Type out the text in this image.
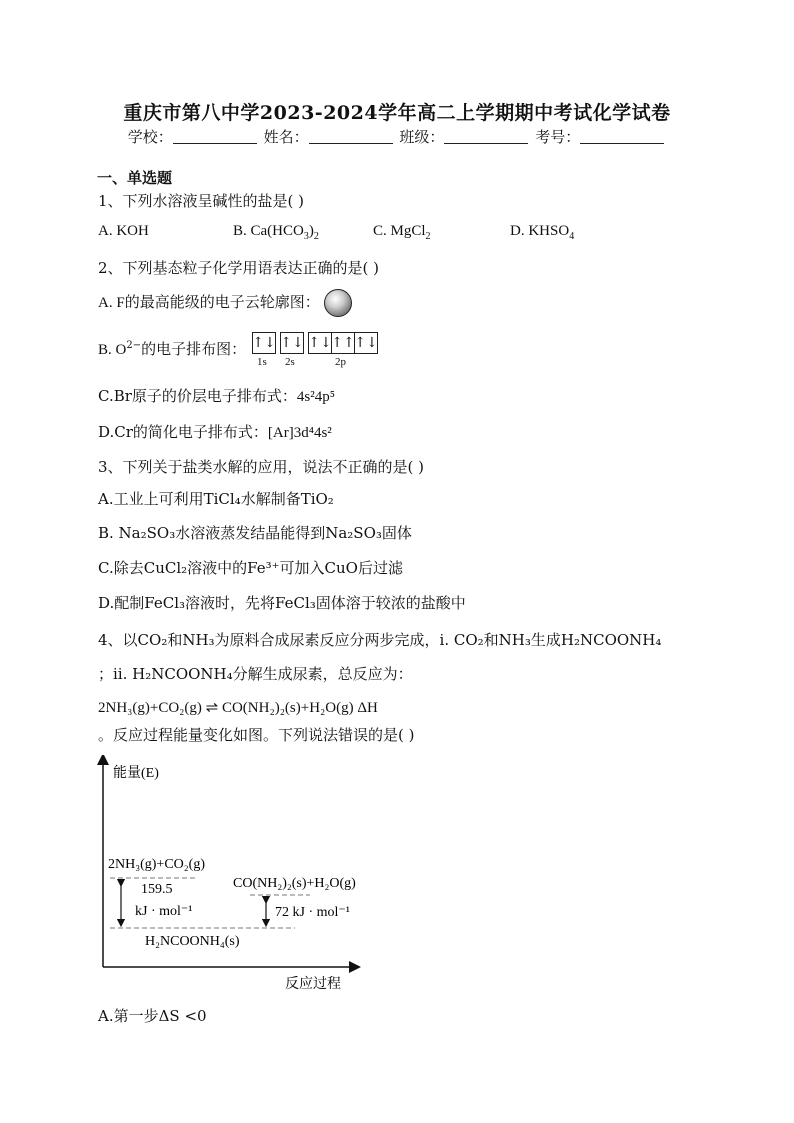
重庆市第八中学2023-2024学年高二上学期期中考试化学试卷
学校：	姓名：	班级：	考号：
一、单选题
1、下列水溶液呈碱性的盐是( )
A. KOH	B. $Ca(HCO_3)_2$	C. MgCl$_2$	D. $KHSO_4$
2、下列基态粒子化学用语表达正确的是( )
A. F的最高能级的电子云轮廓图：
B. $O^{2-}$的电子排布图： ↑↓ ↑↓ ↑↓ ↑↑ ↑↓
1s 2s	2p
C.Br原子的价层电子排布式：4s²4p⁵
D.Cr的简化电子排布式：[Ar]3d⁴4s²
3、下列关于盐类水解的应用，说法不正确的是( )
A.工业上可利用TiCl₄水解制备TiO₂
B. Na₂SO₃水溶液蒸发结晶能得到Na₂SO₃固体
C.除去CuCl₂溶液中的Fe³⁺可加入CuO后过滤
D.配制FeCl₃溶液时，先将FeCl₃固体溶于较浓的盐酸中
4、以CO₂和NH₃为原料合成尿素反应分两步完成，ⅰ. CO₂和NH₃生成H₂NCOONH₄
；ⅱ. H₂NCOONH₄分解生成尿素，总反应为：
2NH₃(g)+CO₂(g) ⇌ CO(NH₂)₂(s)+H₂O(g) ΔH
。反应过程能量变化如图。下列说法错误的是( )
能量(E)
反应过程
2NH₃(g)+CO₂(g)
H₂NCOONH₄(s)
CO(NH₂)₂(s)+H₂O(g)
159.5
kJ · mol⁻¹	72 kJ · mol⁻¹
A.第一步ΔS <0
